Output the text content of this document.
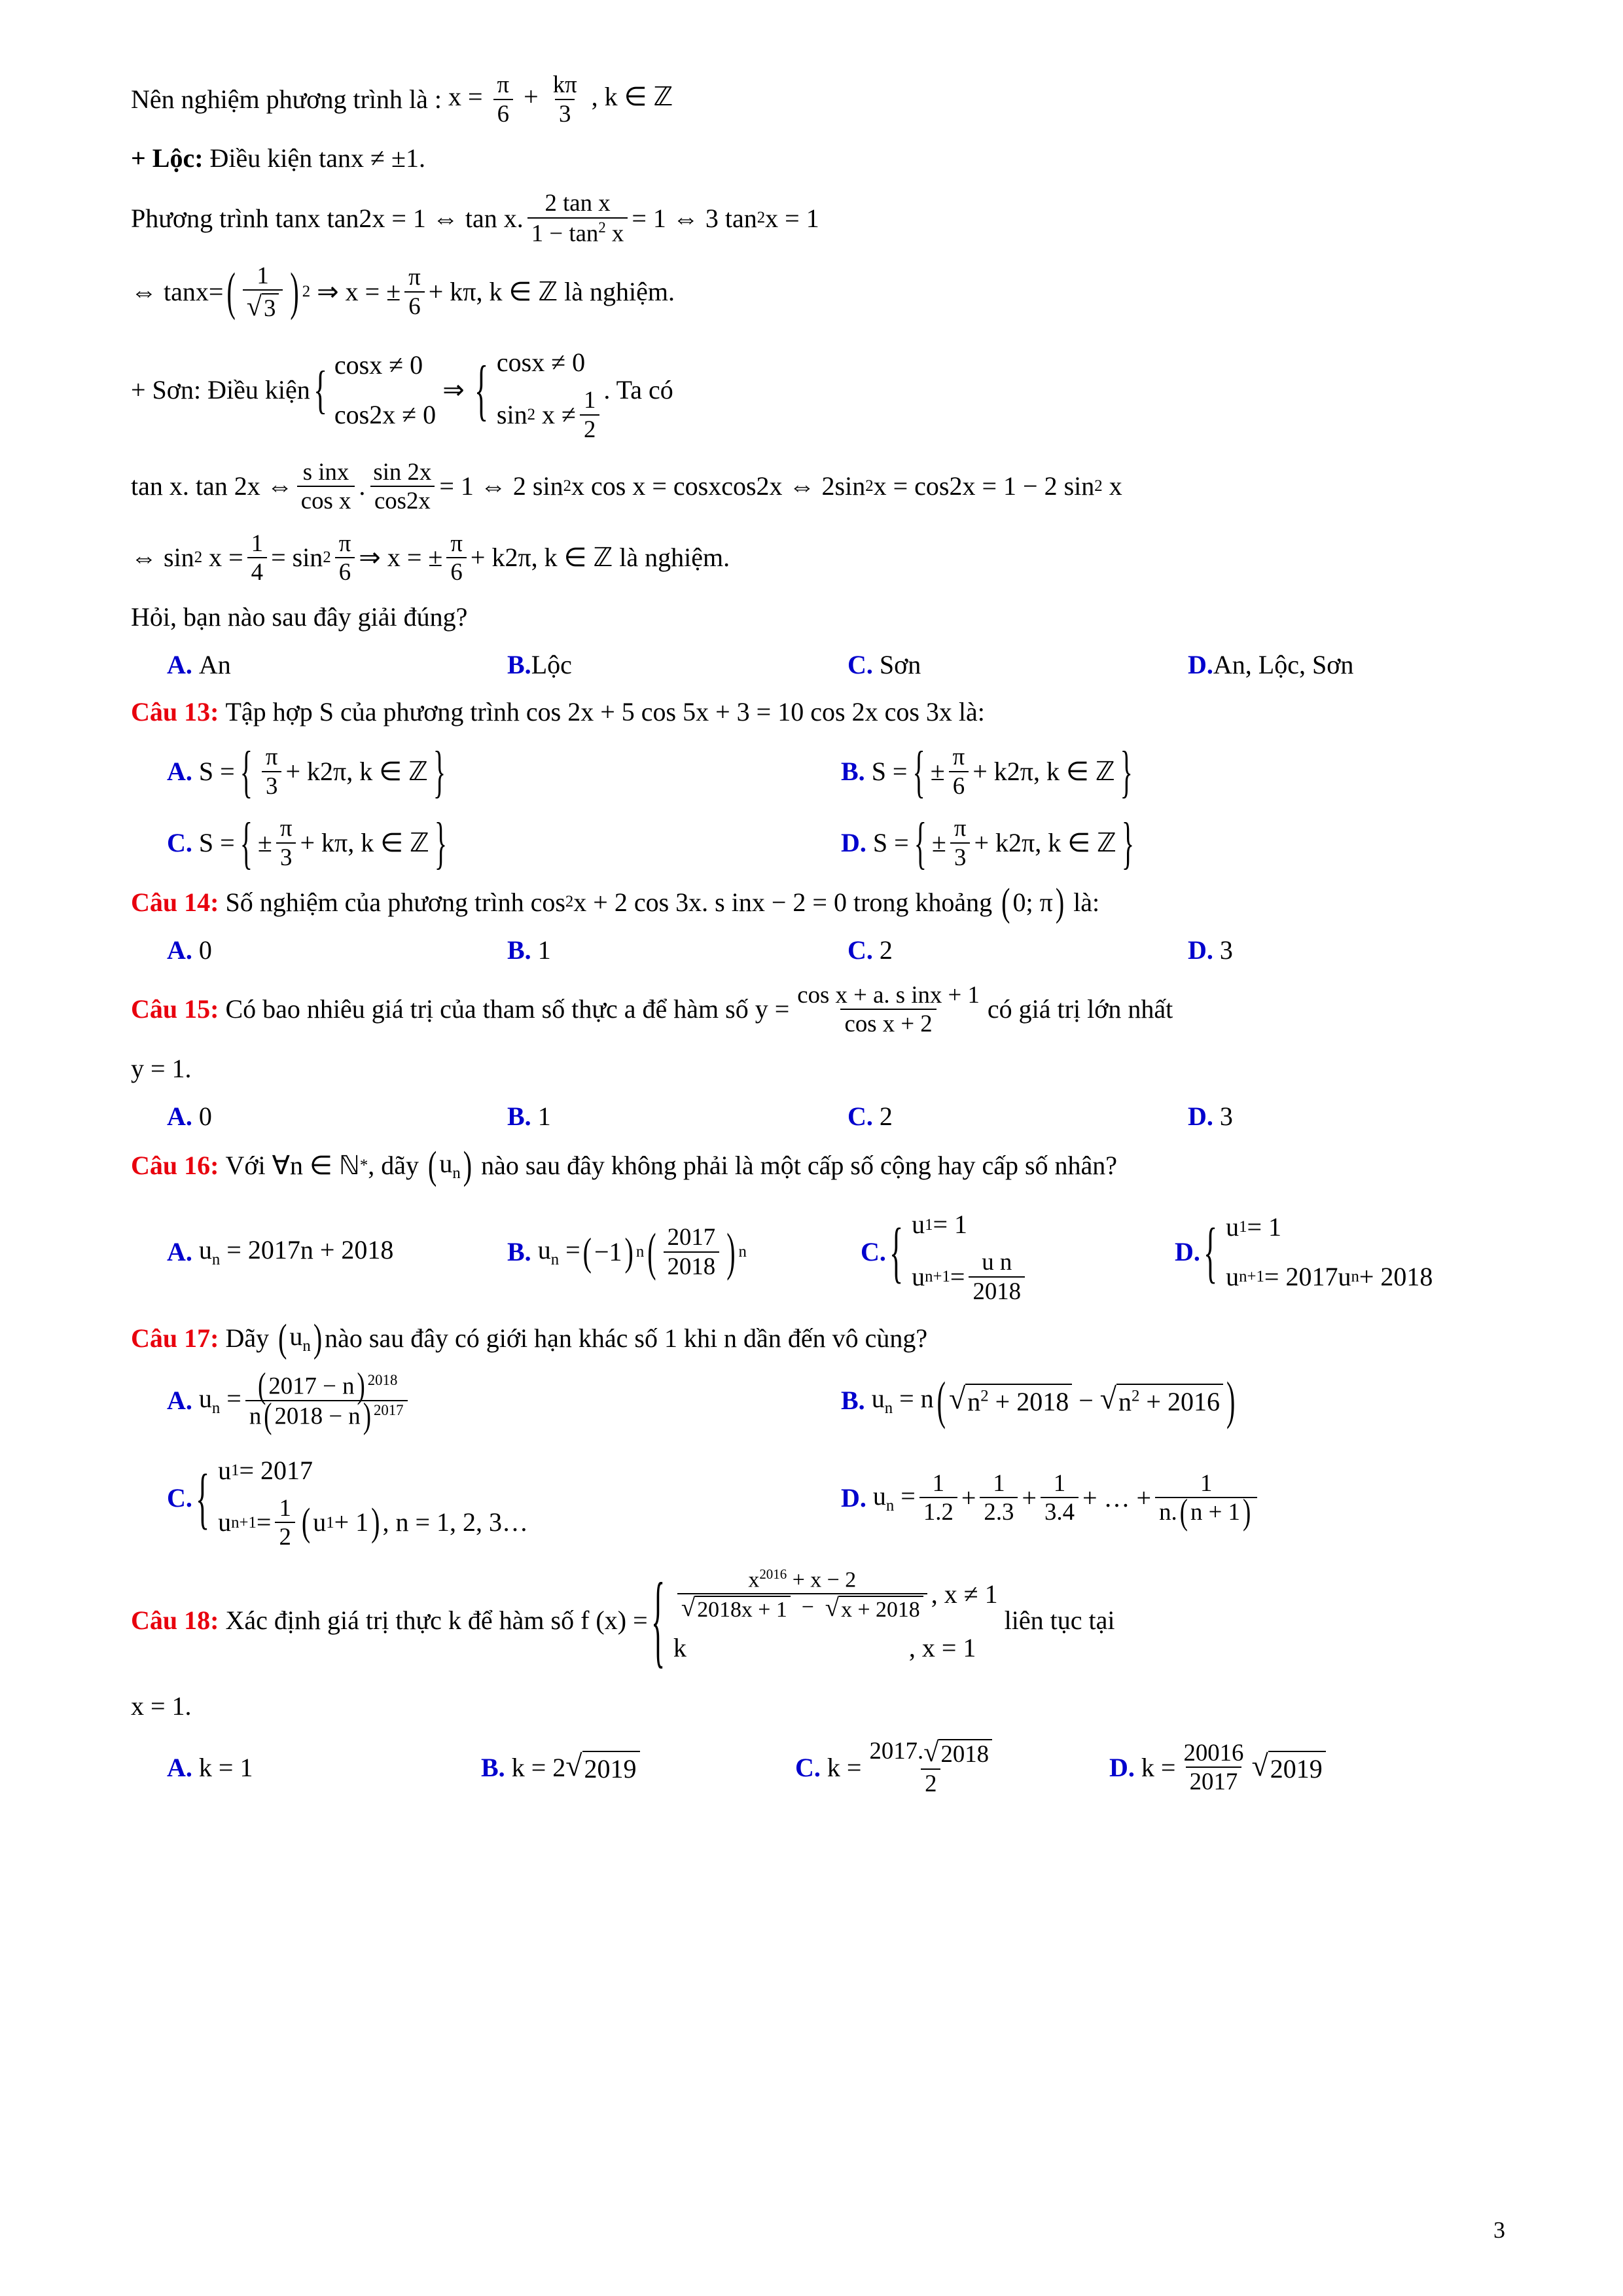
Nên nghiệm phương trình là : $x = \frac{\pi}{6} + \frac{k\pi}{3}$ , k ∈ ℤ
+ Lộc:
Điều kiện tanx ≠ ±1.
Phương trình tanx tan2x = 1 ⇔ tan x. $\frac{\text{2 tan x}}{1 - \tan^2 x} = 1$ ⇔ 3 tan 2 x = 1
⇔ tanx= ( $\frac{1}{√ 3}$ ) 2
⇒ x = ± $\frac{\pi}{6} + k\pi$, k ∈ ℤ là nghiệm.
+ Sơn: Điều kiện { cosx ≠ 0
cos2x ≠ 0
⇒ { cosx ≠ 0
sin 2
$x \ne \frac{1}{2}$ . Ta có
tan x. tan 2x ⇔ $\frac{\text{s inx}}{\text{cos x}}$ . $\frac{\sin 2x}{\cos 2x} = 1$ ⇔ 2 sin 2 x cos x = cosxcos2x ⇔ 2sin 2 x = cos2x = 1 − 2 sin 2
x
⇔ sin 2
$x = \frac{1}{4} = \sin 2 \frac{\pi}{6}$ ⇒ x = ± $\frac{\pi}{6} + k2\pi$, k ∈ ℤ là nghiệm.
Hỏi, bạn nào sau đây giải đúng?
A.
An	B. Lộc	C.
Sơn	D. An, Lộc, Sơn
Câu 13:
Tập hợp S của phương trình cos 2x + 5 cos 5x + 3 = 10 cos 2x cos 3x là:
A.
S = { $\frac{\pi}{3} + k2\pi$, k ∈ ℤ }	B.
S = { ± $\frac{\pi}{6} + k2\pi$, k ∈ ℤ }
C.
S = { ± $\frac{\pi}{3} + k\pi$, k ∈ ℤ }	D.
S = { ± $\frac{\pi}{3} + k2\pi$, k ∈ ℤ }
Câu 14:
Số nghiệm của phương trình cos 2 x + 2 cos 3x. s inx − 2 = 0 trong khoảng
( 0; π )
là:
A.
0	B.
1	C.
2	D.
3
Câu 15:
Có bao nhiêu giá trị của tham số thực a để hàm số $y = \frac{\text{cos x + a. s inx + 1}}{\text{cos x + 2}}$ có giá trị lớn nhất
y = 1.
A.
0	B.
1	C.
2	D.
3
Câu 16:
Với ∀n ∈ ℕ * , dãy
( $u_n$ )
nào sau đây không phải là một cấp số cộng hay cấp số nhân?
A.
$u_n = 2017n + 2018$	B.
$u_n$ = ( −1 ) n ( $\frac{2017}{2018}$ ) n	C. { u 1 = 1
u $n+1 = \frac{\text{u n}}{2018}$	D. { u 1 = 1
u n+1 = 2017u n + 2018
Câu 17:
Dãy
( $u_n$ ) nào sau đây có giới hạn khác số 1 khi n dần đến vô cùng?
A.
$u_n = \frac{( 2017 - n ) ^{2018}}{n ( 2018 - n ) ^{2017}}$	B.
$u_n = n$ ( √ $n^2 + 2018$ − √ $n^2 + 2016$ )
C. { u 1 = 2017
u $n+1 = \frac{1}{2}$ ( u 1 + 1 ) , n = 1, 2, 3…
D.
$u_n = \frac{1}{1.2} + \frac{1}{2.3} + \frac{1}{3.4}$ + … + $\frac{1}{n. ( n + 1 )}$
Câu 18:
Xác định giá trị thực k để hàm số f (x) = { $\frac{x^{2016} + x - 2}{√ 2018x + 1 - √ x + 2018}$ , x ≠ 1
k	, x = 1

liên tục tại
x = 1.
A.
k = 1	B.
k = 2 √ 2019	C.
$k = \frac{2017. √ 2018}{2}$	D.
$k = \frac{20016}{2017}$ √ 2019
3
